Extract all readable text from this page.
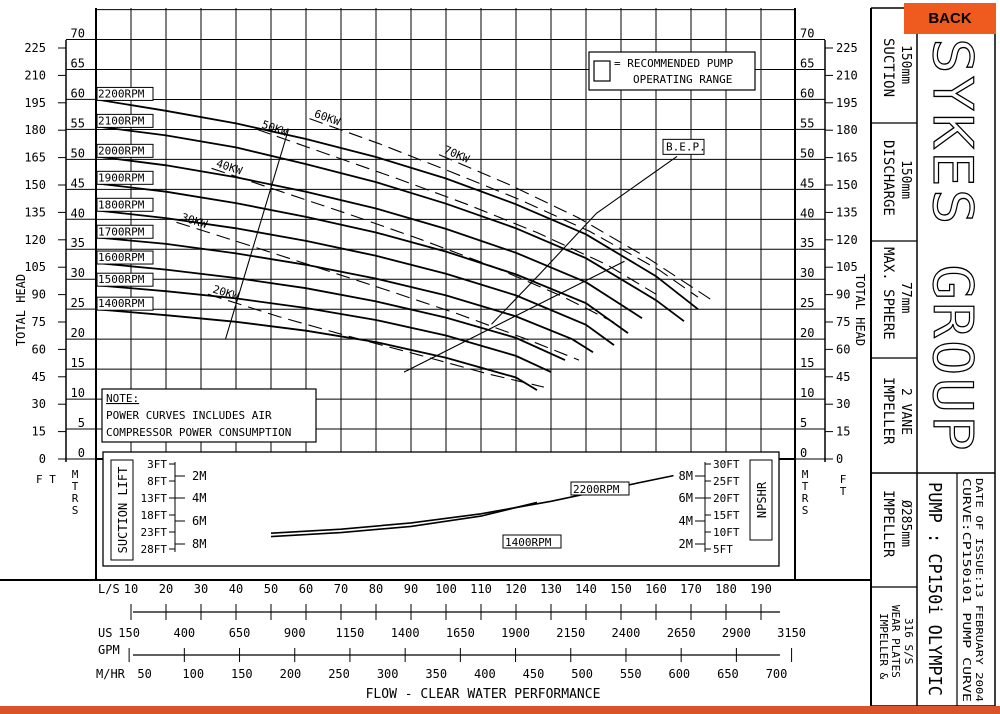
0	0
5	5
10	10
15	15
20	20
25	25
30	30
35	35
40	40
45	45
50	50
55	55
60	60
65	65
70	70
0	0
15	15
30	30
45	45
60	60
75	75
90	90
105	105
120	120
135	135
150	150
165	165
180	180
195	195
210	210
225	225
TOTAL HEAD	TOTAL HEAD
F T M T R S
M T R S
F T
2200RPM
2100RPM
2000RPM
1900RPM
1800RPM
1700RPM
1600RPM
1500RPM
1400RPM
20KW
30KW
40KW
50KW
60KW
70KW	B.E.P.
= RECOMMENDED PUMP
OPERATING RANGE
NOTE:
POWER CURVES INCLUDES AIR
COMPRESSOR POWER CONSUMPTION
SUCTION LIFT	NPSHR
2M
4M
6M
8M
3FT
8FT
13FT
18FT
23FT
28FT
8M
6M
4M
2M
30FT
25FT
20FT
15FT
10FT
5FT
2200RPM
1400RPM
L/S
US
GPM
M/HR
FLOW - CLEAR WATER PERFORMANCE
10 20 30 40 50 60 70 80 90 100 110 120 130 140 150 160 170 180 190
150	400	650	900 1150 1400 1650 1900 2150 2400 2650 2900 3150
50	100 150 200 250 300 350 400 450 500 550 600 650 700
SUCTION 150mm
DISCHARGE 150mm
MAX. SPHERE 77mm
IMPELLER 2 VANE
IMPELLER Ø285mm
IMPELLER & WEAR PLATES 316 S/S
SYKES GROUP
PUMP : CP150i OLYMPIC CURVE:CP150i01 PUMP CURVE DATE OF ISSUE:13 FEBRUARY 2004
BACK
